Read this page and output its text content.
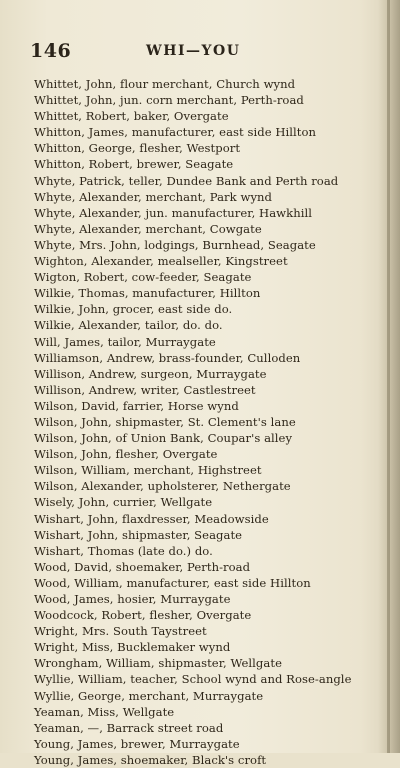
146	WHI—YOU
Whittet, John, flour merchant, Church wynd
Whittet, John, jun. corn merchant, Perth-road
Whittet, Robert, baker, Overgate
Whitton, James, manufacturer, east side Hillton
Whitton, George, flesher, Westport
Whitton, Robert, brewer, Seagate
Whyte, Patrick, teller, Dundee Bank and Perth road
Whyte, Alexander, merchant, Park wynd
Whyte, Alexander, jun. manufacturer, Hawkhill
Whyte, Alexander, merchant, Cowgate
Whyte, Mrs. John, lodgings, Burnhead, Seagate
Wighton, Alexander, mealseller, Kingstreet
Wigton, Robert, cow-feeder, Seagate
Wilkie, Thomas, manufacturer, Hillton
Wilkie, John, grocer, east side do.
Wilkie, Alexander, tailor, do. do.
Will, James, tailor, Murraygate
Williamson, Andrew, brass-founder, Culloden
Willison, Andrew, surgeon, Murraygate
Willison, Andrew, writer, Castlestreet
Wilson, David, farrier, Horse wynd
Wilson, John, shipmaster, St. Clement's lane
Wilson, John, of Union Bank, Coupar's alley
Wilson, John, flesher, Overgate
Wilson, William, merchant, Highstreet
Wilson, Alexander, upholsterer, Nethergate
Wisely, John, currier, Wellgate
Wishart, John, flaxdresser, Meadowside
Wishart, John, shipmaster, Seagate
Wishart, Thomas (late do.) do.
Wood, David, shoemaker, Perth-road
Wood, William, manufacturer, east side Hillton
Wood, James, hosier, Murraygate
Woodcock, Robert, flesher, Overgate
Wright, Mrs. South Taystreet
Wright, Miss, Bucklemaker wynd
Wrongham, William, shipmaster, Wellgate
Wyllie, William, teacher, School wynd and Rose-angle
Wyllie, George, merchant, Murraygate
Yeaman, Miss, Wellgate
Yeaman, —, Barrack street road
Young, James, brewer, Murraygate
Young, James, shoemaker, Black's croft
